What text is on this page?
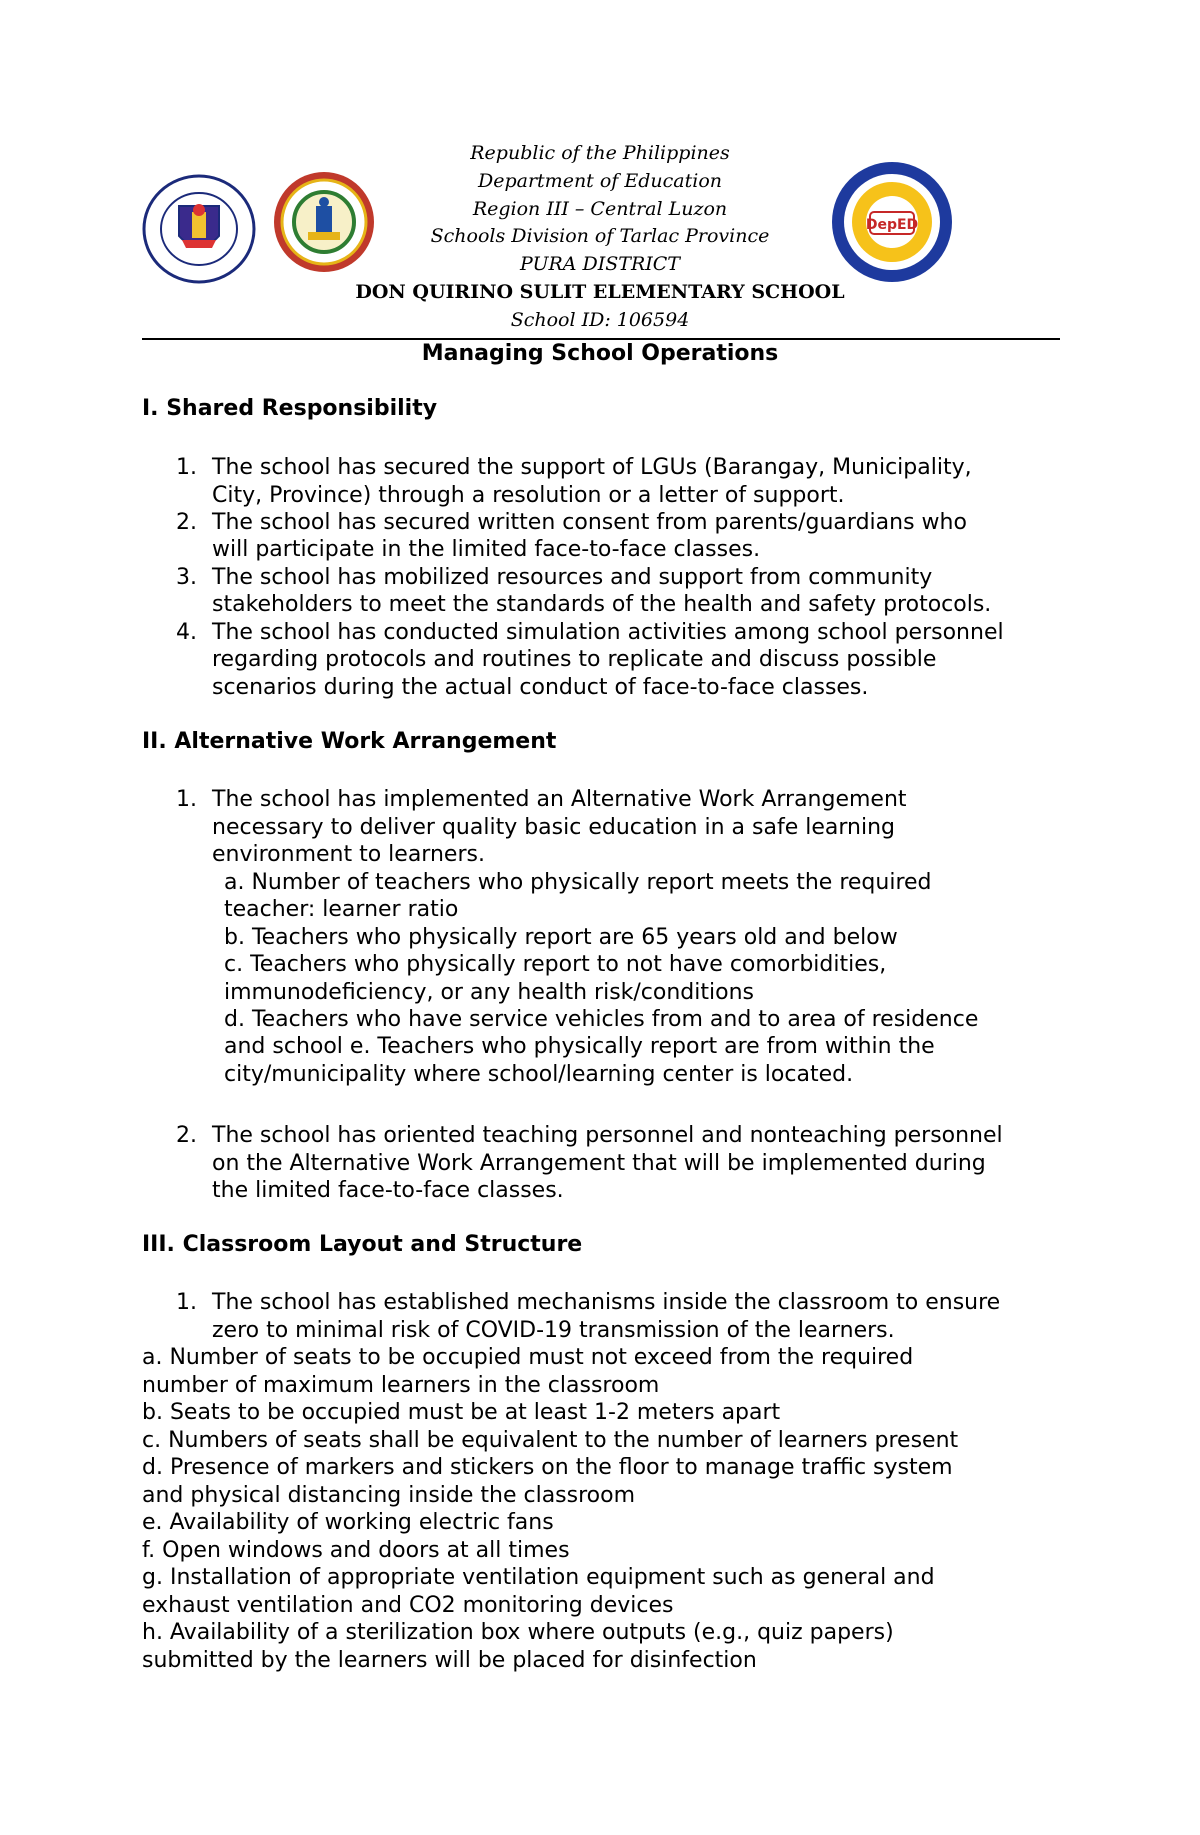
DepED
Republic of the Philippines
Department of Education
Region III – Central Luzon
Schools Division of Tarlac Province
PURA DISTRICT
DON QUIRINO SULIT ELEMENTARY SCHOOL
School ID: 106594
Managing School Operations
I. Shared Responsibility
1. The school has secured the support of LGUs (Barangay, Municipality,
City, Province) through a resolution or a letter of support.
2. The school has secured written consent from parents/guardians who
will participate in the limited face-to-face classes.
3. The school has mobilized resources and support from community
stakeholders to meet the standards of the health and safety protocols.
4. The school has conducted simulation activities among school personnel
regarding protocols and routines to replicate and discuss possible
scenarios during the actual conduct of face-to-face classes.
II. Alternative Work Arrangement
1. The school has implemented an Alternative Work Arrangement
necessary to deliver quality basic education in a safe learning
environment to learners.
a. Number of teachers who physically report meets the required
teacher: learner ratio
b. Teachers who physically report are 65 years old and below
c. Teachers who physically report to not have comorbidities,
immunodeficiency, or any health risk/conditions
d. Teachers who have service vehicles from and to area of residence
and school e. Teachers who physically report are from within the
city/municipality where school/learning center is located.
2. The school has oriented teaching personnel and nonteaching personnel
on the Alternative Work Arrangement that will be implemented during
the limited face-to-face classes.
III. Classroom Layout and Structure
1. The school has established mechanisms inside the classroom to ensure
zero to minimal risk of COVID-19 transmission of the learners.
a. Number of seats to be occupied must not exceed from the required
number of maximum learners in the classroom
b. Seats to be occupied must be at least 1-2 meters apart
c. Numbers of seats shall be equivalent to the number of learners present
d. Presence of markers and stickers on the floor to manage traffic system
and physical distancing inside the classroom
e. Availability of working electric fans
f. Open windows and doors at all times
g. Installation of appropriate ventilation equipment such as general and
exhaust ventilation and CO2 monitoring devices
h. Availability of a sterilization box where outputs (e.g., quiz papers)
submitted by the learners will be placed for disinfection
